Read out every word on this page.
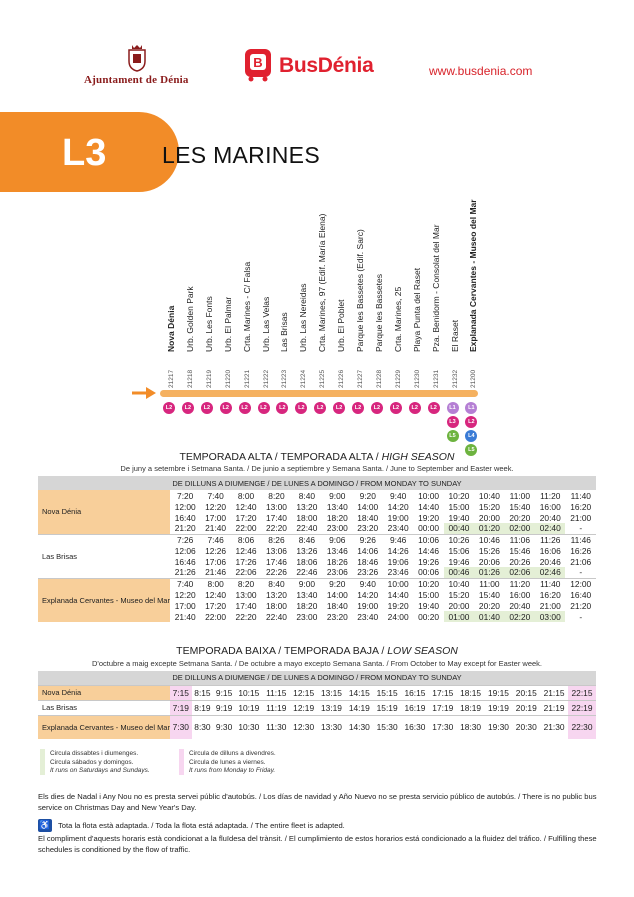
Ajuntament de Dénia
B BusDénia	www.busdenia.com
L3 LES MARINES
Nova Dénia
21217
L2
Urb. Golden Park
21218
L2
Urb. Les Fonts
21219
L2
Urb. El Palmar
21220
L2
Crta. Marines - C/ Falsa
21221
L2
Urb. Las Velas
21222
L2
Las Brisas
21223
L2
Urb. Las Nereidas
21224
L2
Crta. Marines, 97 (Edif. María Elena)
21225
L2
Urb. El Poblet
21226
L2
Parque les Bassetes (Edif. Sarc)
21227
L2
Parque les Bassetes
21228
L2
Crta. Marines, 25
21229
L2
Playa Punta del Raset
21230
L2
Pza. Benidorm - Consolat del Mar
21231
L2
El Raset
21232
L1
L3
L5
Explanada Cervantes - Museo del Mar
21200
L1
L2
L4
L5
TEMPORADA ALTA / TEMPORADA ALTA / HIGH SEASON
De juny a setembre i Setmana Santa. / De junio a septiembre y Semana Santa. / June to September and Easter week.
DE DILLUNS A DIUMENGE / DE LUNES A DOMINGO / FROM MONDAY TO SUNDAY														
Nova Dénia	7:20	7:40	8:00	8:20	8:40	9:00	9:20	9:40	10:00	10:20	10:40	11:00	11:20	11:40
	12:00	12:20	12:40	13:00	13:20	13:40	14:00	14:20	14:40	15:00	15:20	15:40	16:00	16:20
	16:40	17:00	17:20	17:40	18:00	18:20	18:40	19:00	19:20	19:40	20:00	20:20	20:40	21:00
	21:20	21:40	22:00	22:20	22:40	23:00	23:20	23:40	00:00	00:40	01:20	02:00	02:40	-
Las Brisas	7:26	7:46	8:06	8:26	8:46	9:06	9:26	9:46	10:06	10:26	10:46	11:06	11:26	11:46
	12:06	12:26	12:46	13:06	13:26	13:46	14:06	14:26	14:46	15:06	15:26	15:46	16:06	16:26
	16:46	17:06	17:26	17:46	18:06	18:26	18:46	19:06	19:26	19:46	20:06	20:26	20:46	21:06
	21:26	21:46	22:06	22:26	22:46	23:06	23:26	23:46	00:06	00:46	01:26	02:06	02:46	-
Explanada Cervantes - Museo del Mar	7:40	8:00	8:20	8:40	9:00	9:20	9:40	10:00	10:20	10:40	11:00	11:20	11:40	12:00
	12:20	12:40	13:00	13:20	13:40	14:00	14:20	14:40	15:00	15:20	15:40	16:00	16:20	16:40
	17:00	17:20	17:40	18:00	18:20	18:40	19:00	19:20	19:40	20:00	20:20	20:40	21:00	21:20
	21:40	22:00	22:20	22:40	23:00	23:20	23:40	24:00	00:20	01:00	01:40	02:20	03:00	-
TEMPORADA BAIXA / TEMPORADA BAJA / LOW SEASON
D'octubre a maig excepte Setmana Santa. / De octubre a mayo excepto Semana Santa. / From October to May except for Easter week.
DE DILLUNS A DIUMENGE / DE LUNES A DOMINGO / FROM MONDAY TO SUNDAY																
Nova Dénia	7:15	8:15	9:15	10:15	11:15	12:15	13:15	14:15	15:15	16:15	17:15	18:15	19:15	20:15	21:15	22:15
Las Brisas	7:19	8:19	9:19	10:19	11:19	12:19	13:19	14:19	15:19	16:19	17:19	18:19	19:19	20:19	21:19	22:19
Explanada Cervantes - Museo del Mar	7:30	8:30	9:30	10:30	11:30	12:30	13:30	14:30	15:30	16:30	17:30	18:30	19:30	20:30	21:30	22:30
Circula dissabtes i diumenges.
Circula sábados y domingos.
It runs on Saturdays and Sundays.
Circula de dilluns a divendres.
Circula de lunes a viernes.
It runs from Monday to Friday.
Els dies de Nadal i Any Nou no es presta servei públic d'autobús. / Los días de navidad y Año Nuevo no se presta servicio público de autobús. / There is no public bus service on Christmas Day and New Year's Day.
♿ Tota la flota està adaptada. / Toda la flota está adaptada. / The entire fleet is adapted.
El compliment d'aquests horaris està condicionat a la fluïdesa del trànsit. / El cumplimiento de estos horarios está condicionado a la fluidez del tráfico. / Fulfilling these schedules is conditioned by the flow of traffic.
